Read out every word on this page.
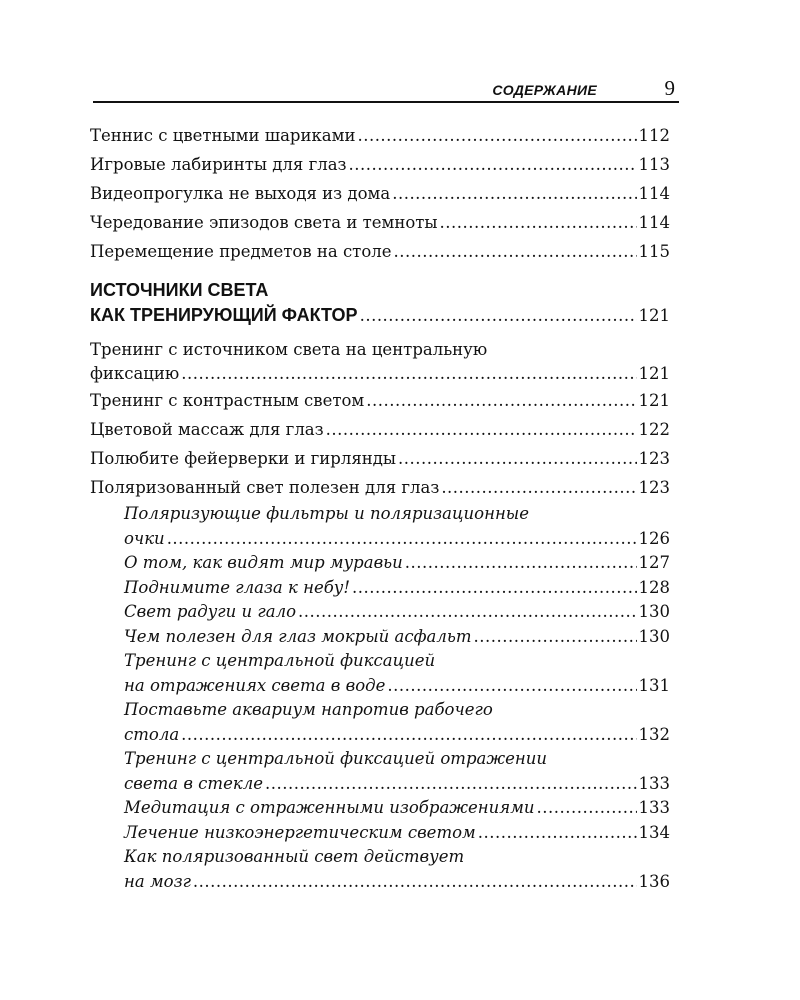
СОДЕРЖАНИЕ	9
Теннис с цветными шариками .....	112
Игровые лабиринты для глаз .....	113
Видеопрогулка не выходя из дома .....	114
Чередование эпизодов света и темноты .....	114
Перемещение предметов на столе .....	115
ИСТОЧНИКИ СВЕТА
КАК ТРЕНИРУЮЩИЙ ФАКТОР .....	121
Тренинг с источником света на центральную
фиксацию .....	121
Тренинг с контрастным светом .....	121
Цветовой массаж для глаз .....	122
Полюбите фейерверки и гирлянды .....	123
Поляризованный свет полезен для глаз .....	123
Поляризующие фильтры и поляризационные
очки .....	126
О том, как видят мир муравьи .....	127
Поднимите глаза к небу! .....	128
Свет радуги и гало .....	130
Чем полезен для глаз мокрый асфальт .....	130
Тренинг с центральной фиксацией
на отражениях света в воде .....	131
Поставьте аквариум напротив рабочего
стола .....	132
Тренинг с центральной фиксацией отражении
света в стекле .....	133
Медитация с отраженными изображениями .....	133
Лечение низкоэнергетическим светом .....	134
Как поляризованный свет действует
на мозг .....	136
